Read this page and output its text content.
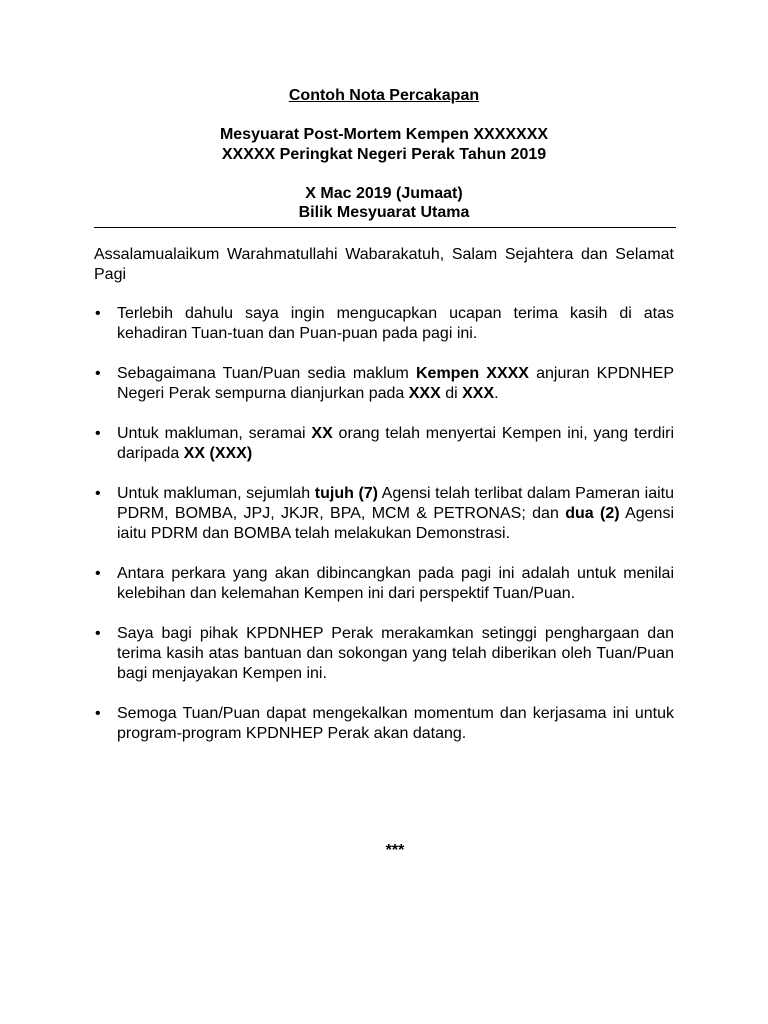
Contoh Nota Percakapan
Mesyuarat Post-Mortem Kempen XXXXXXX
XXXXX Peringkat Negeri Perak Tahun 2019
X Mac 2019 (Jumaat)
Bilik Mesyuarat Utama

Assalamualaikum Warahmatullahi Wabarakatuh, Salam Sejahtera dan Selamat Pagi

• Terlebih dahulu saya ingin mengucapkan ucapan terima kasih di atas kehadiran Tuan-tuan dan Puan-puan pada pagi ini.
• Sebagaimana Tuan/Puan sedia maklum Kempen XXXX anjuran KPDNHEP Negeri Perak sempurna dianjurkan pada XXX di XXX.
• Untuk makluman, seramai XX orang telah menyertai Kempen ini, yang terdiri daripada XX (XXX)
• Untuk makluman, sejumlah tujuh (7) Agensi telah terlibat dalam Pameran iaitu PDRM, BOMBA, JPJ, JKJR, BPA, MCM & PETRONAS; dan dua (2) Agensi iaitu PDRM dan BOMBA telah melakukan Demonstrasi.
• Antara perkara yang akan dibincangkan pada pagi ini adalah untuk menilai kelebihan dan kelemahan Kempen ini dari perspektif Tuan/Puan.
• Saya bagi pihak KPDNHEP Perak merakamkan setinggi penghargaan dan terima kasih atas bantuan dan sokongan yang telah diberikan oleh Tuan/Puan bagi menjayakan Kempen ini.
• Semoga Tuan/Puan dapat mengekalkan momentum dan kerjasama ini untuk program-program KPDNHEP Perak akan datang.
***
